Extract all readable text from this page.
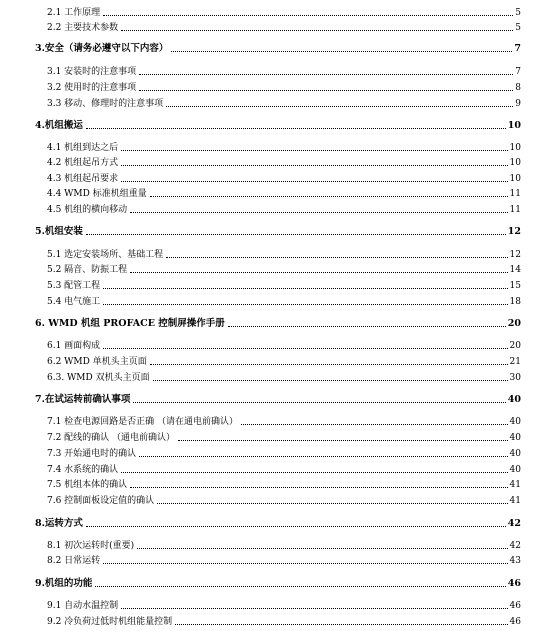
2.1 工作原理	5
2.2 主要技术参数	5
3.安全（请务必遵守以下内容）	7
3.1 安装时的注意事项	7
3.2 使用时的注意事项	8
3.3 移动、修理时的注意事项	9
4.机组搬运	10
4.1 机组到达之后	10
4.2 机组起吊方式	10
4.3 机组起吊要求	10
4.4 WMD 标准机组重量	11
4.5 机组的横向移动	11
5.机组安装	12
5.1 选定安装场所、基础工程	12
5.2 隔音、防振工程	14
5.3 配管工程	15
5.4 电气施工	18
6. WMD 机组 PROFACE 控制屏操作手册	20
6.1 画面构成	20
6.2 WMD 单机头主页面	21
6.3. WMD 双机头主页面	30
7.在试运转前确认事项	40
7.1 检查电源回路是否正确 （请在通电前确认）	40
7.2 配线的确认 （通电前确认）	40
7.3 开始通电时的确认	40
7.4 水系统的确认	40
7.5 机组本体的确认	41
7.6 控制面板设定值的确认	41
8.运转方式	42
8.1 初次运转时(重要)	42
8.2 日常运转	43
9.机组的功能	46
9.1 自动水温控制	46
9.2 冷负荷过低时机组能量控制	46
